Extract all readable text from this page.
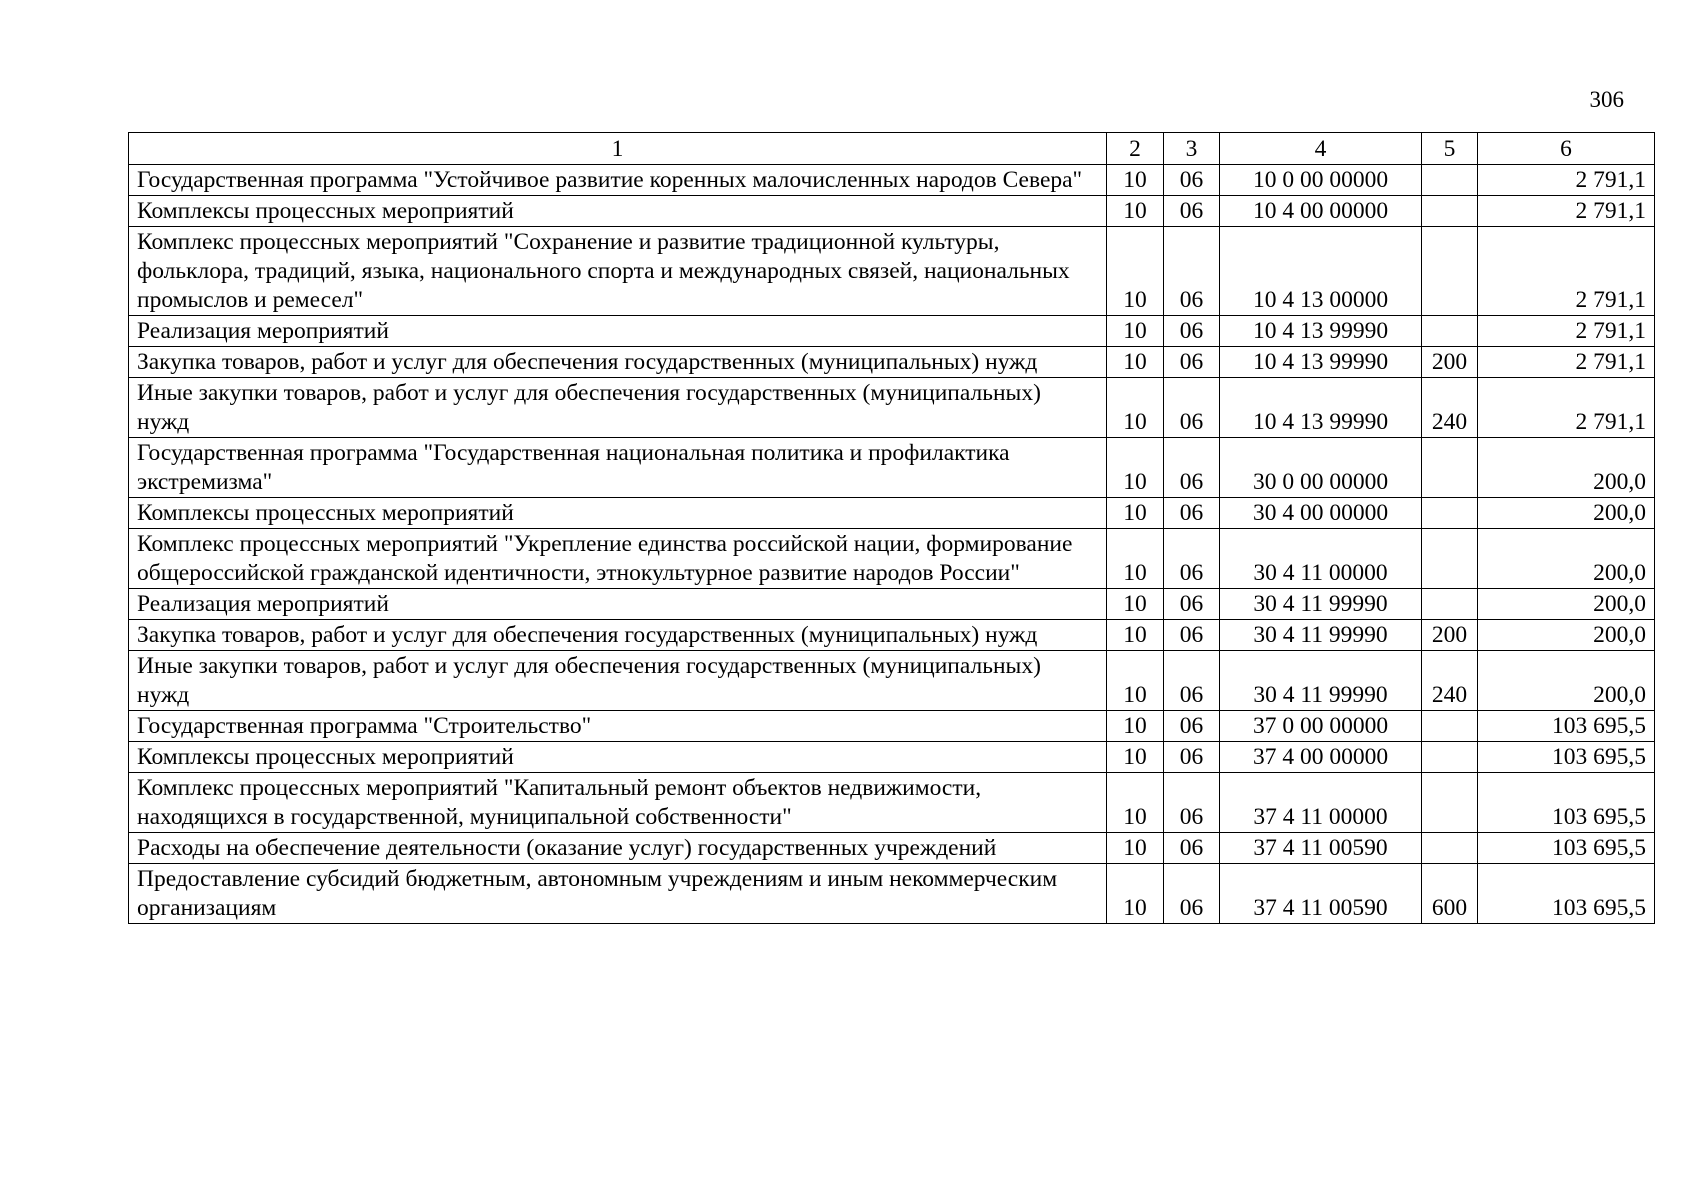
306
1	2	3	4	5	6
Государственная программа "Устойчивое развитие коренных малочисленных народов Севера"	10	06	10 0 00 00000		2 791,1
Комплексы процессных мероприятий	10	06	10 4 00 00000		2 791,1
Комплекс процессных мероприятий "Сохранение и развитие традиционной культуры, фольклора, традиций, языка, национального спорта и международных связей, национальных промыслов и ремесел"	10	06	10 4 13 00000		2 791,1
Реализация мероприятий	10	06	10 4 13 99990		2 791,1
Закупка товаров, работ и услуг для обеспечения государственных (муниципальных) нужд	10	06	10 4 13 99990	200	2 791,1
Иные закупки товаров, работ и услуг для обеспечения государственных (муниципальных) нужд	10	06	10 4 13 99990	240	2 791,1
Государственная программа "Государственная национальная политика и профилактика экстремизма"	10	06	30 0 00 00000		200,0
Комплексы процессных мероприятий	10	06	30 4 00 00000		200,0
Комплекс процессных мероприятий "Укрепление единства российской нации, формирование общероссийской гражданской идентичности, этнокультурное развитие народов России"	10	06	30 4 11 00000		200,0
Реализация мероприятий	10	06	30 4 11 99990		200,0
Закупка товаров, работ и услуг для обеспечения государственных (муниципальных) нужд	10	06	30 4 11 99990	200	200,0
Иные закупки товаров, работ и услуг для обеспечения государственных (муниципальных) нужд	10	06	30 4 11 99990	240	200,0
Государственная программа "Строительство"	10	06	37 0 00 00000		103 695,5
Комплексы процессных мероприятий	10	06	37 4 00 00000		103 695,5
Комплекс процессных мероприятий "Капитальный ремонт объектов недвижимости, находящихся в государственной, муниципальной собственности"	10	06	37 4 11 00000		103 695,5
Расходы на обеспечение деятельности (оказание услуг) государственных учреждений	10	06	37 4 11 00590		103 695,5
Предоставление субсидий бюджетным, автономным учреждениям и иным некоммерческим организациям	10	06	37 4 11 00590	600	103 695,5
